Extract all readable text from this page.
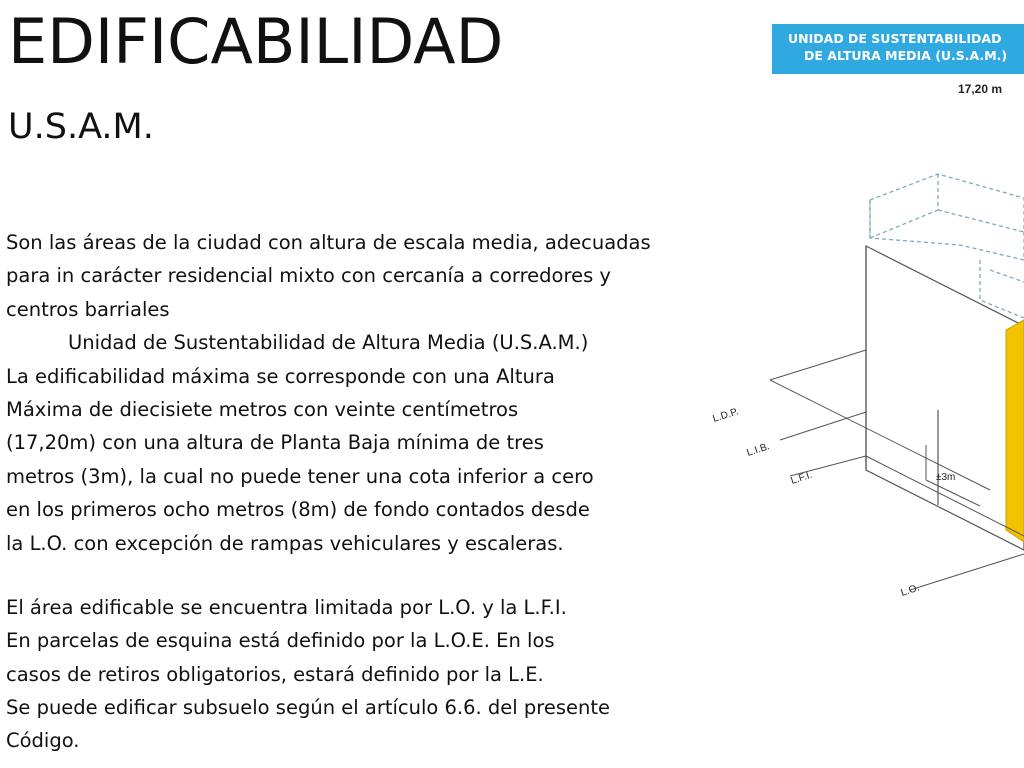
EDIFICABILIDAD
U.S.A.M.
Son las áreas de la ciudad con altura de escala media, adecuadas
para in carácter residencial mixto con cercanía a corredores y
centros barriales
Unidad de Sustentabilidad de Altura Media (U.S.A.M.)
La edificabilidad máxima se corresponde con una Altura
Máxima de diecisiete metros con veinte centímetros
(17,20m) con una altura de Planta Baja mínima de tres
metros (3m), la cual no puede tener una cota inferior a cero
en los primeros ocho metros (8m) de fondo contados desde
la L.O. con excepción de rampas vehiculares y escaleras.
El área edificable se encuentra limitada por L.O. y la L.F.I.
En parcelas de esquina está definido por la L.O.E. En los
casos de retiros obligatorios, estará definido por la L.E.
Se puede edificar subsuelo según el artículo 6.6. del presente
Código.
UNIDAD DE SUSTENTABILIDAD
DE ALTURA MEDIA (U.S.A.M.)
17,20 m
L.D.P.
L.I.B.
L.F.I.
L.O.
±3m
